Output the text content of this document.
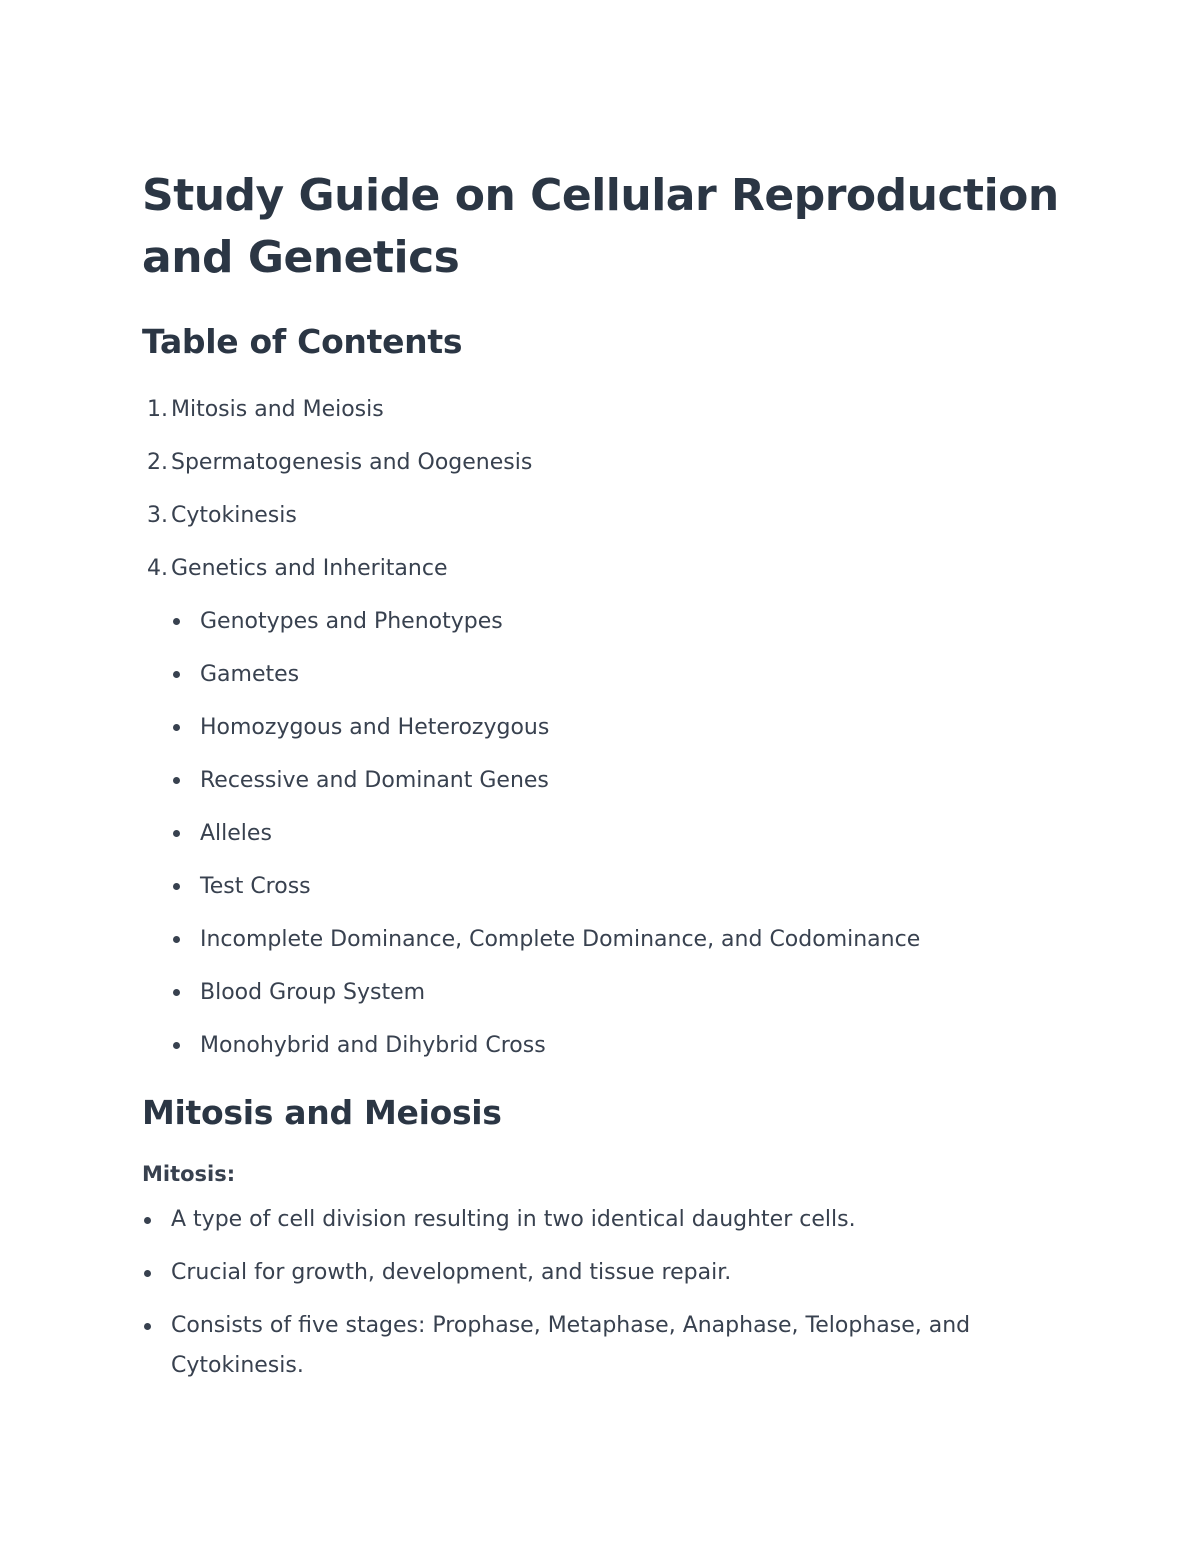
Study Guide on Cellular Reproduction and Genetics
Table of Contents
1. Mitosis and Meiosis
2. Spermatogenesis and Oogenesis
3. Cytokinesis
4. Genetics and Inheritance
Genotypes and Phenotypes
Gametes
Homozygous and Heterozygous
Recessive and Dominant Genes
Alleles
Test Cross
Incomplete Dominance, Complete Dominance, and Codominance
Blood Group System
Monohybrid and Dihybrid Cross
Mitosis and Meiosis
Mitosis:
A type of cell division resulting in two identical daughter cells.
Crucial for growth, development, and tissue repair.
Consists of five stages: Prophase, Metaphase, Anaphase, Telophase, and Cytokinesis.
